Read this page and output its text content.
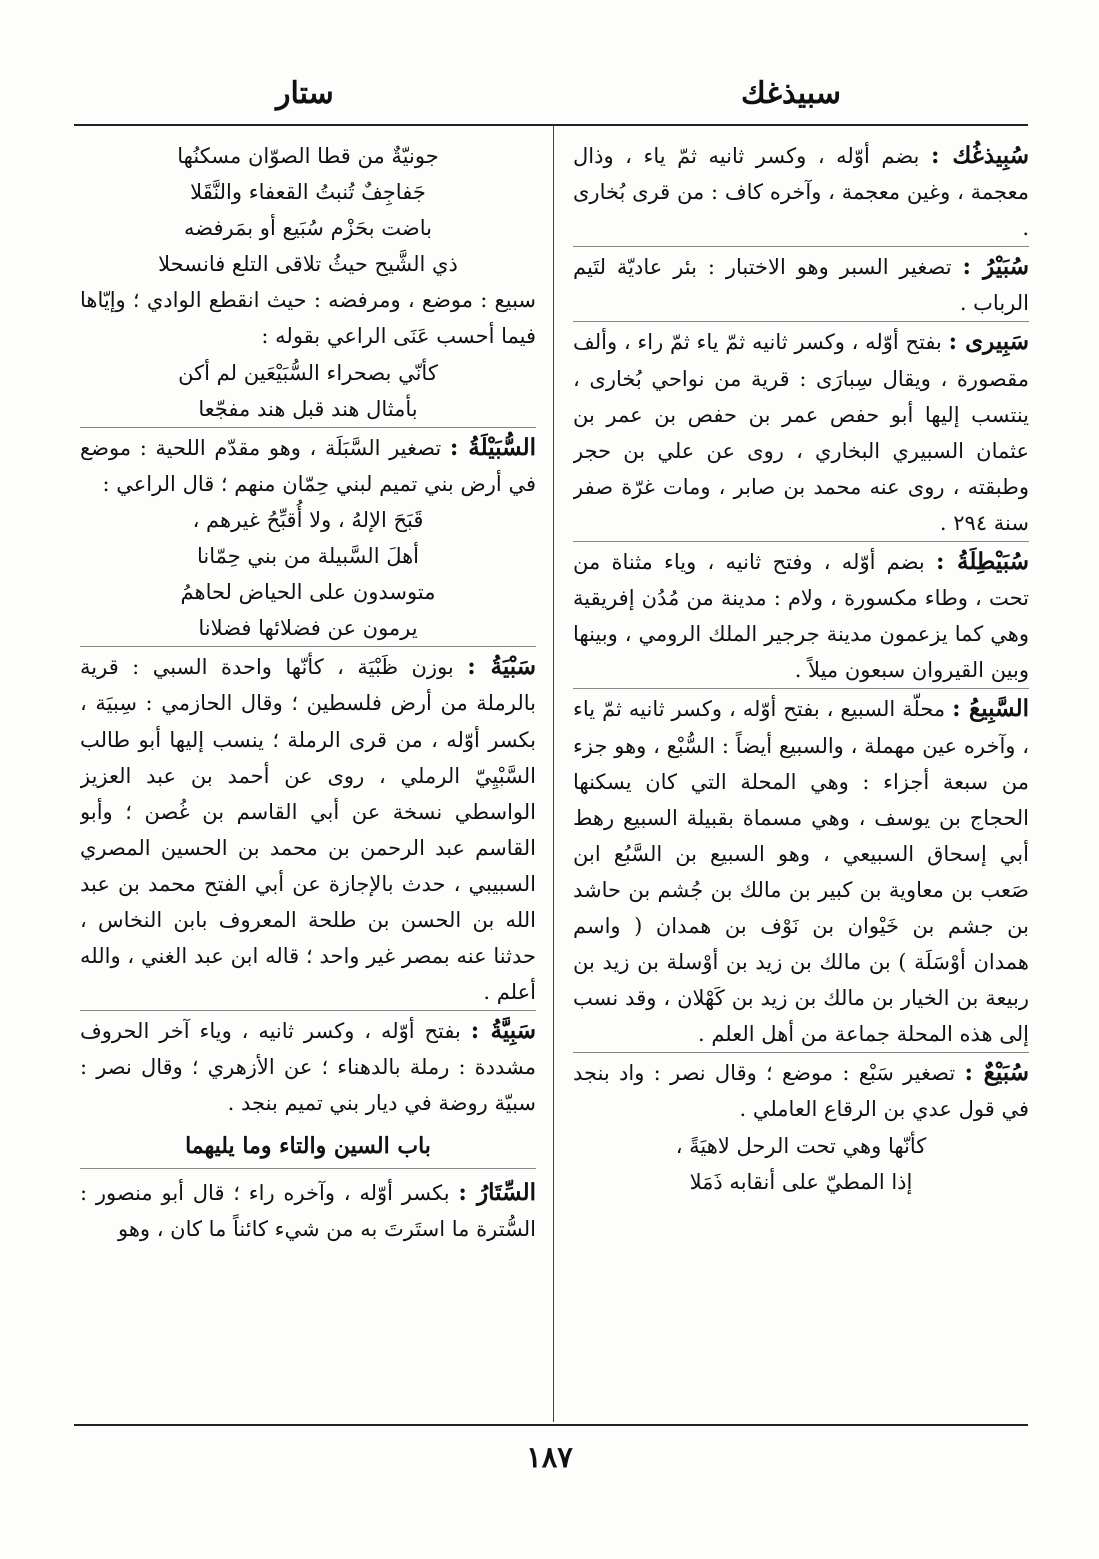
سبيذغك
ستار

سُبِيذغُك : بضم أوّله ، وكسر ثانيه ثمّ ياء ، وذال معجمة ، وغين معجمة ، وآخره كاف : من قرى بُخارى .

سُبَيْرُ : تصغير السبر وهو الاختبار : بئر عاديّة لتَيم الرباب .

سَبِيرى : بفتح أوّله ، وكسر ثانيه ثمّ ياء ثمّ راء ، وألف مقصورة ، ويقال سِبارَى : قرية من نواحي بُخارى ، ينتسب إليها أبو حفص عمر بن حفص بن عمر بن عثمان السبيري البخاري ، روى عن علي بن حجر وطبقته ، روى عنه محمد بن صابر ، ومات غرّة صفر سنة ٢٩٤ .

سُبَيْطِلَةُ : بضم أوّله ، وفتح ثانيه ، وياء مثناة من تحت ، وطاء مكسورة ، ولام : مدينة من مُدُن إفريقية وهي كما يزعمون مدينة جرجير الملك الرومي ، وبينها وبين القيروان سبعون ميلاً .

السَّبِيعُ : محلّة السبيع ، بفتح أوّله ، وكسر ثانيه ثمّ ياء ، وآخره عين مهملة ، والسبيع أيضاً : السُّبْع ، وهو جزء من سبعة أجزاء : وهي المحلة التي كان يسكنها الحجاج بن يوسف ، وهي مسماة بقبيلة السبيع رهط أبي إسحاق السبيعي ، وهو السبيع بن السَّبُع ابن صَعب بن معاوية بن كبير بن مالك بن جُشم بن حاشد بن جشم بن خَيْوان بن نَوْف بن همدان ( واسم همدان أوْسَلَة ) بن مالك بن زيد بن أوْسلة بن زيد بن ربيعة بن الخيار بن مالك بن زيد بن كَهْلان ، وقد نسب إلى هذه المحلة جماعة من أهل العلم .

سُبَيْعٌ : تصغير سَبْع : موضع ؛ وقال نصر : واد بنجد في قول عدي بن الرقاع العاملي .

كأنّها وهي تحت الرحل لاهيَةً ،

إذا المطيّ على أنقابه ذَمَلا

جونيّةٌ من قطا الصوّان مسكنُها

جَفاجِفٌ تُنبتُ القعفاء والنَّقَلا

باضت بحَزْم سُبَيع أو بمَرفضه

ذي الشَّيح حيثُ تلاقى التلع فانسحلا

سبيع : موضع ، ومرفضه : حيث انقطع الوادي ؛ وإيّاها فيما أحسب عَنَى الراعي بقوله :

كأنّي بصحراء السُّبَيْعَين لم أكن

بأمثال هند قبل هند مفجّعا

السُّبَيْلَةُ : تصغير السَّبَلَة ، وهو مقدّم اللحية : موضع في أرض بني تميم لبني حِمّان منهم ؛ قال الراعي :

قَبَحَ الإلهُ ، ولا أُقبِّحُ غيرهم ،

أهلَ السَّبيلة من بني حِمّانا

متوسدون على الحياض لحاهمُ

يرمون عن فضلائها فضلانا

سَبْيَةُ : بوزن ظَبْيَة ، كأنّها واحدة السبي : قرية بالرملة من أرض فلسطين ؛ وقال الحازمي : سِبيَة ، بكسر أوّله ، من قرى الرملة ؛ ينسب إليها أبو طالب السَّبْيِيّ الرملي ، روى عن أحمد بن عبد العزيز الواسطي نسخة عن أبي القاسم بن غُصن ؛ وأبو القاسم عبد الرحمن بن محمد بن الحسين المصري السبيبي ، حدث بالإجازة عن أبي الفتح محمد بن عبد الله بن الحسن بن طلحة المعروف بابن النخاس ، حدثنا عنه بمصر غير واحد ؛ قاله ابن عبد الغني ، والله أعلم .

سَبِيَّةُ : بفتح أوّله ، وكسر ثانيه ، وياء آخر الحروف مشددة : رملة بالدهناء ؛ عن الأزهري ؛ وقال نصر : سبيّة روضة في ديار بني تميم بنجد .

باب السين والتاء وما يليهما

السِّتَارُ : بكسر أوّله ، وآخره راء ؛ قال أبو منصور : السُّترة ما استَرتَ به من شيء كائناً ما كان ، وهو

١٨٧
